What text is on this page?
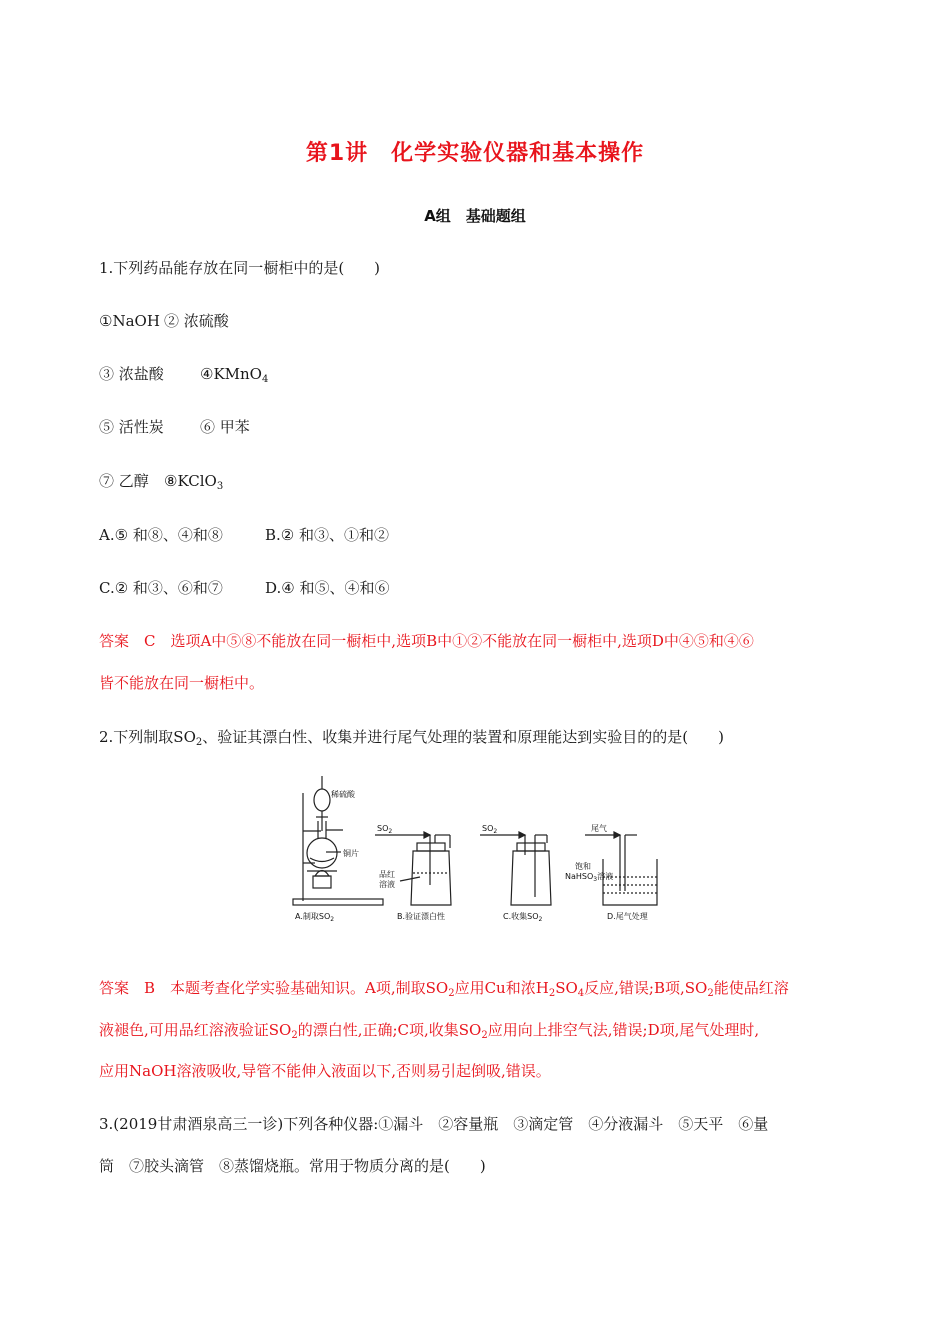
第1讲　化学实验仪器和基本操作
A组　基础题组
1.下列药品能存放在同一橱柜中的是(　　)
①NaOH ② 浓硫酸
③ 浓盐酸 ④KMnO$_4$
⑤ 活性炭 ⑥ 甲苯
⑦ 乙醇 ⑧KClO$_3$
A.⑤ 和⑧、④和⑧	B.② 和③、①和②
C.② 和③、⑥和⑦	D.④ 和⑤、④和⑥
答案　C　选项A中⑤⑧不能放在同一橱柜中,选项B中①②不能放在同一橱柜中,选项D中④⑤和④⑥
皆不能放在同一橱柜中。
2.下列制取$SO_2$、验证其漂白性、收集并进行尾气处理的装置和原理能达到实验目的的是(　　)
稀硫酸
铜片
A.制取$SO_2$
$SO_2$
品红
溶液
B.验证漂白性
$SO_2$
C.收集$SO_2$
尾气
饱和
NaHSO$_3$溶液
D.尾气处理
答案　B　本题考查化学实验基础知识。A项,制取$SO_2$应用Cu和浓$H_2SO_4$反应,错误;B项$,SO_2$能使品红溶
液褪色,可用品红溶液验证$SO_2$的漂白性,正确;C项,收集$SO_2$应用向上排空气法,错误;D项,尾气处理时,
应用NaOH溶液吸收,导管不能伸入液面以下,否则易引起倒吸,错误。
3.(2019甘肃酒泉高三一诊)下列各种仪器:①漏斗　②容量瓶　③滴定管　④分液漏斗　⑤天平　⑥量
筒　⑦胶头滴管　⑧蒸馏烧瓶。常用于物质分离的是(　　)
